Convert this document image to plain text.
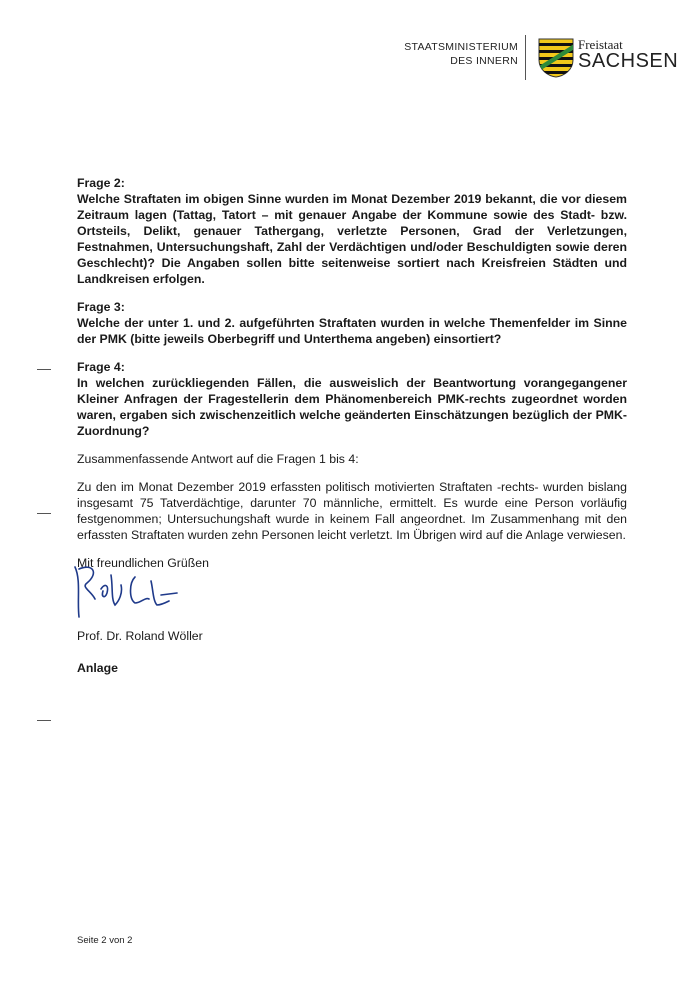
STAATSMINISTERIUM
DES INNERN
Freistaat
SACHSEN
Frage 2:
Welche Straftaten im obigen Sinne wurden im Monat Dezember 2019 bekannt, die vor diesem Zeitraum lagen (Tattag, Tatort – mit genauer Angabe der Kommune sowie des Stadt- bzw. Ortsteils, Delikt, genauer Tathergang, verletzte Personen, Grad der Verletzungen, Festnahmen, Untersuchungshaft, Zahl der Verdächtigen und/oder Beschuldigten sowie deren Geschlecht)? Die Angaben sollen bitte seitenweise sortiert nach Kreisfreien Städten und Landkreisen erfolgen.
Frage 3:
Welche der unter 1. und 2. aufgeführten Straftaten wurden in welche Themenfelder im Sinne der PMK (bitte jeweils Oberbegriff und Unterthema angeben) einsortiert?
Frage 4:
In welchen zurückliegenden Fällen, die ausweislich der Beantwortung vorangegangener Kleiner Anfragen der Fragestellerin dem Phänomenbereich PMK-rechts zugeordnet worden waren, ergaben sich zwischenzeitlich welche geänderten Einschätzungen bezüglich der PMK-Zuordnung?

Zusammenfassende Antwort auf die Fragen 1 bis 4:

Zu den im Monat Dezember 2019 erfassten politisch motivierten Straftaten -rechts- wurden bislang insgesamt 75 Tatverdächtige, darunter 70 männliche, ermittelt. Es wurde eine Person vorläufig festgenommen; Untersuchungshaft wurde in keinem Fall angeordnet. Im Zusammenhang mit den erfassten Straftaten wurden zehn Personen leicht verletzt. Im Übrigen wird auf die Anlage verwiesen.

Mit freundlichen Grüßen

Prof. Dr. Roland Wöller
Anlage
Seite 2 von 2
